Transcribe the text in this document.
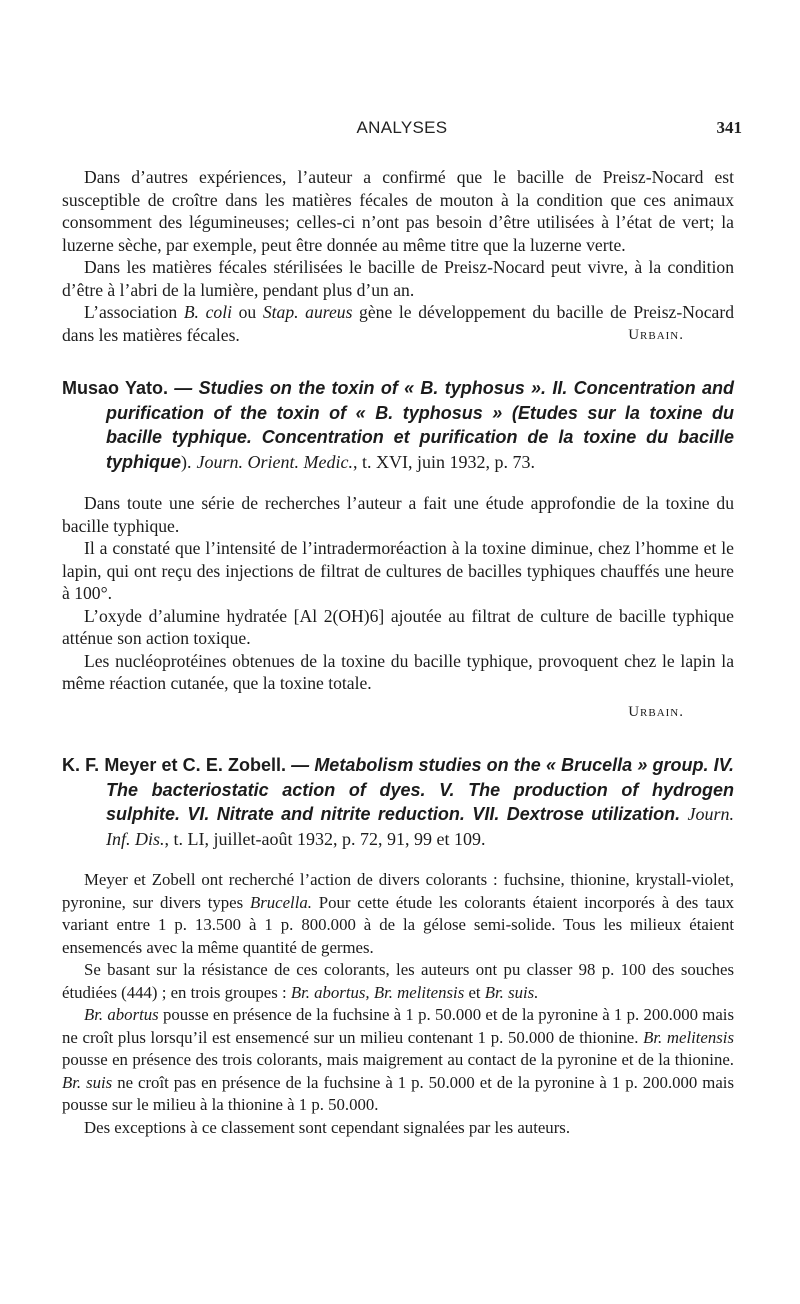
ANALYSES	341

Dans d’autres expériences, l’auteur a confirmé que le bacille de Preisz-Nocard est susceptible de croître dans les matières fécales de mouton à la condition que ces animaux consomment des légumineuses; celles-ci n’ont pas besoin d’être utilisées à l’état de vert; la luzerne sèche, par exemple, peut être donnée au même titre que la luzerne verte.

Dans les matières fécales stérilisées le bacille de Preisz-Nocard peut vivre, à la condition d’être à l’abri de la lumière, pendant plus d’un an.

L’association B. coli ou Stap. aureus gène le développement du bacille de Preisz-Nocard dans les matières fécales.	Urbain.
Musao Yato. — Studies on the toxin of « B. typhosus ». II. Concentration and purification of the toxin of « B. typhosus » (Etudes sur la toxine du bacille typhique. Concentration et purification de la toxine du bacille typhique). Journ. Orient. Medic., t. XVI, juin 1932, p. 73.

Dans toute une série de recherches l’auteur a fait une étude approfondie de la toxine du bacille typhique.

Il a constaté que l’intensité de l’intradermoréaction à la toxine diminue, chez l’homme et le lapin, qui ont reçu des injections de filtrat de cultures de bacilles typhiques chauffés une heure à 100°.

L’oxyde d’alumine hydratée [Al 2(OH)6] ajoutée au filtrat de culture de bacille typhique atténue son action toxique.

Les nucléoprotéines obtenues de la toxine du bacille typhique, provoquent chez le lapin la même réaction cutanée, que la toxine totale.

Urbain.
K. F. Meyer et C. E. Zobell. — Metabolism studies on the « Brucella » group. IV. The bacteriostatic action of dyes. V. The production of hydrogen sulphite. VI. Nitrate and nitrite reduction. VII. Dextrose utilization. Journ. Inf. Dis., t. LI, juillet-août 1932, p. 72, 91, 99 et 109.

Meyer et Zobell ont recherché l’action de divers colorants : fuchsine, thionine, krystall-violet, pyronine, sur divers types Brucella. Pour cette étude les colorants étaient incorporés à des taux variant entre 1 p. 13.500 à 1 p. 800.000 à de la gélose semi-solide. Tous les milieux étaient ensemencés avec la même quantité de germes.

Se basant sur la résistance de ces colorants, les auteurs ont pu classer 98 p. 100 des souches étudiées (444) ; en trois groupes : Br. abortus, Br. melitensis et Br. suis.

Br. abortus pousse en présence de la fuchsine à 1 p. 50.000 et de la pyronine à 1 p. 200.000 mais ne croît plus lorsqu’il est ensemencé sur un milieu contenant 1 p. 50.000 de thionine. Br. melitensis pousse en présence des trois colorants, mais maigrement au contact de la pyronine et de la thionine. Br. suis ne croît pas en présence de la fuchsine à 1 p. 50.000 et de la pyronine à 1 p. 200.000 mais pousse sur le milieu à la thionine à 1 p. 50.000.

Des exceptions à ce classement sont cependant signalées par les auteurs.
